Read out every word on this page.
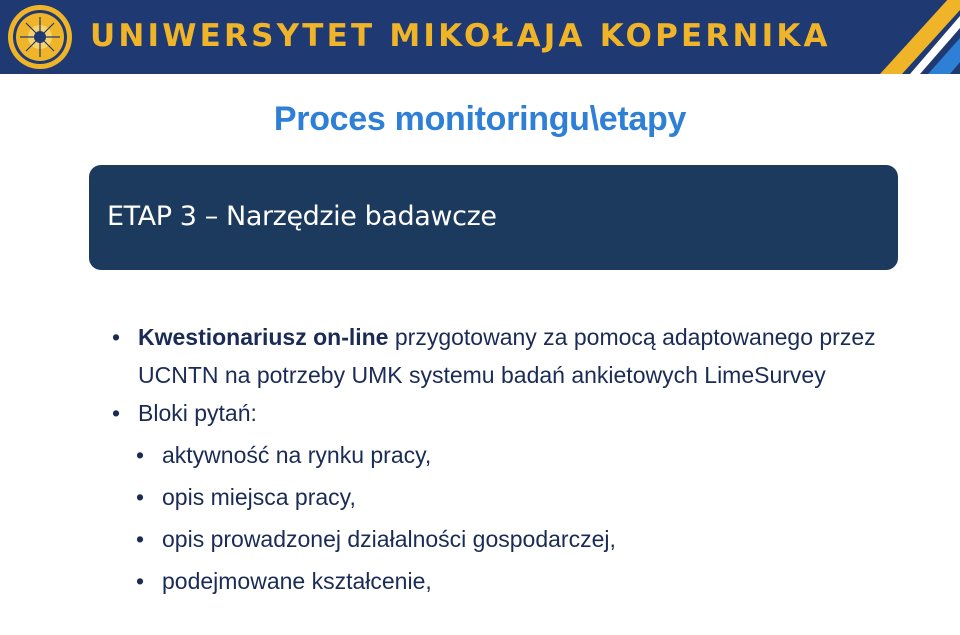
UNIWERSYTET MIKOŁAJA KOPERNIKA
Proces monitoringu\etapy
ETAP 3 – Narzędzie badawcze
• Kwestionariusz on-line przygotowany za pomocą adaptowanego przez UCNTN na potrzeby UMK systemu badań ankietowych LimeSurvey
• Bloki pytań:
• aktywność na rynku pracy,
• opis miejsca pracy,
• opis prowadzonej działalności gospodarczej,
• podejmowane kształcenie,
